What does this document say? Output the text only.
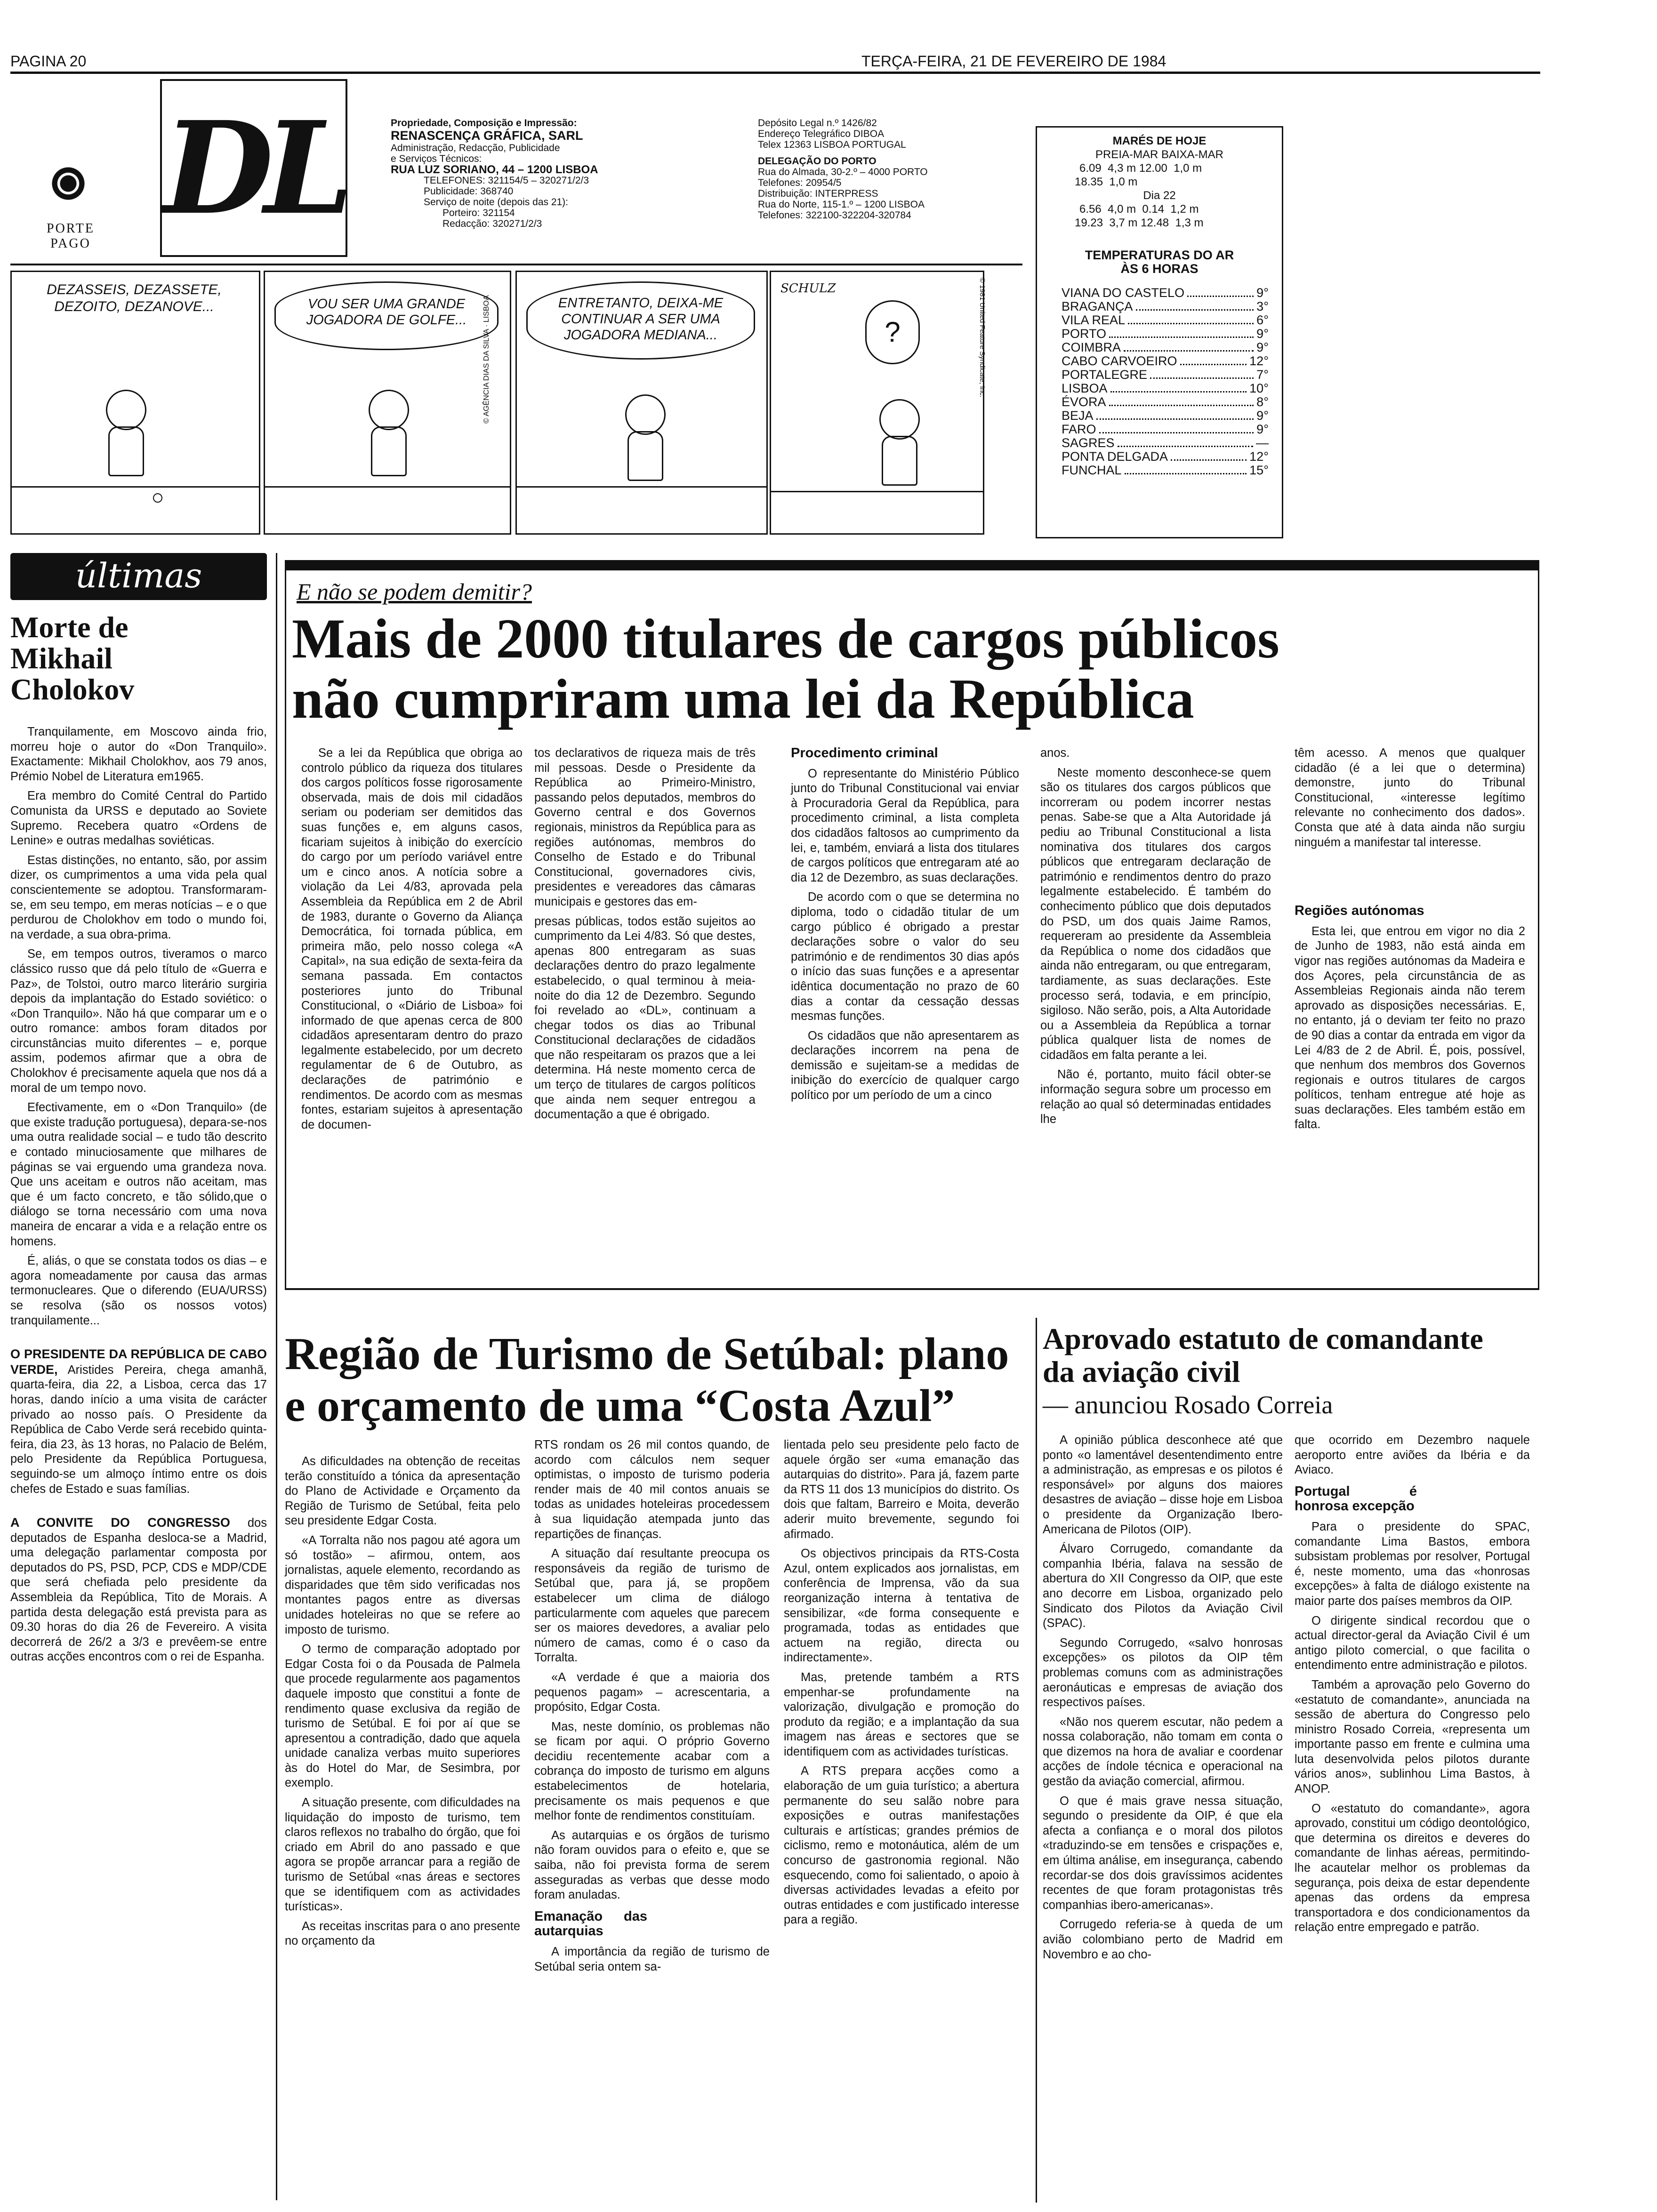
PAGINA 20	TERÇA-FEIRA, 21 DE FEVEREIRO DE 1984
DL
PORTE PAGO
Propriedade, Composição e Impressão:
RENASCENÇA GRÁFICA, SARL
Administração, Redacção, Publicidade
e Serviços Técnicos:
RUA LUZ SORIANO, 44 – 1200 LISBOA
TELEFONES: 321154/5 – 320271/2/3
Publicidade: 368740
Serviço de noite (depois das 21):
Porteiro: 321154
Redacção: 320271/2/3
Depósito Legal n.º 1426/82
Endereço Telegráfico DIBOA
Telex 12363 LISBOA PORTUGAL
DELEGAÇÃO DO PORTO
Rua do Almada, 30-2.º – 4000 PORTO
Telefones: 20954/5
Distribuição: INTERPRESS
Rua do Norte, 115-1.º – 1200 LISBOA
Telefones: 322100-322204-320784
DEZASSEIS, DEZASSETE, DEZOITO, DEZANOVE...	VOU SER UMA GRANDE JOGADORA DE GOLFE...	© AGÊNCIA DIAS DA SILVA · LISBOA	ENTRETANTO, DEIXA-ME CONTINUAR A SER UMA JOGADORA MEDIANA...
SCHULZ
?	© 1981 United Feature Syndicate, Inc.
MARÉS DE HOJE
PREIA-MAR BAIXA-MAR
6.09  4,3 m 12.00  1,0 m
18.35  1,0 m
Dia 22
6.56  4,0 m  0.14  1,2 m
19.23  3,7 m 12.48  1,3 m
TEMPERATURAS DO AR
ÀS 6 HORAS
VIANA DO CASTELO	9°
BRAGANÇA	3°
VILA REAL	6°
PORTO	9°
COIMBRA	9°
CABO CARVOEIRO	12°
PORTALEGRE	7°
LISBOA	10°
ÉVORA	8°
BEJA	9°
FARO	9°
SAGRES	—
PONTA DELGADA	12°
FUNCHAL	15°
últimas
Morte de Mikhail Cholokov

Tranquilamente, em Moscovo ainda frio, morreu hoje o autor do «Don Tranquilo». Exactamente: Mikhail Cholokhov, aos 79 anos, Prémio Nobel de Literatura em1965.

Era membro do Comité Central do Partido Comunista da URSS e deputado ao Soviete Supremo. Recebera quatro «Ordens de Lenine» e outras medalhas soviéticas.

Estas distinções, no entanto, são, por assim dizer, os cumprimentos a uma vida pela qual conscientemente se adoptou. Transformaram-se, em seu tempo, em meras notícias – e o que perdurou de Cholokhov em todo o mundo foi, na verdade, a sua obra-prima.

Se, em tempos outros, tiveramos o marco clássico russo que dá pelo título de «Guerra e Paz», de Tolstoi, outro marco literário surgiria depois da implantação do Estado soviético: o «Don Tranquilo». Não há que comparar um e o outro romance: ambos foram ditados por circunstâncias muito diferentes – e, porque assim, podemos afirmar que a obra de Cholokhov é precisamente aquela que nos dá a moral de um tempo novo.

Efectivamente, em o «Don Tranquilo» (de que existe tradução portuguesa), depara-se-nos uma outra realidade social – e tudo tão descrito e contado minuciosamente que milhares de páginas se vai erguendo uma grandeza nova. Que uns aceitam e outros não aceitam, mas que é um facto concreto, e tão sólido,que o diálogo se torna necessário com uma nova maneira de encarar a vida e a relação entre os homens.

É, aliás, o que se constata todos os dias – e agora nomeadamente por causa das armas termonucleares. Que o diferendo (EUA/URSS) se resolva (são os nossos votos) tranquilamente...

O PRESIDENTE DA REPÚBLICA DE CABO VERDE, Aristides Pereira, chega amanhã, quarta-feira, dia 22, a Lisboa, cerca das 17 horas, dando início a uma visita de carácter privado ao nosso país. O Presidente da República de Cabo Verde será recebido quinta-feira, dia 23, às 13 horas, no Palacio de Belém, pelo Presidente da República Portuguesa, seguindo-se um almoço íntimo entre os dois chefes de Estado e suas famílias.

A CONVITE DO CONGRESSO dos deputados de Espanha desloca-se a Madrid, uma delegação parlamentar composta por deputados do PS, PSD, PCP, CDS e MDP/CDE que será chefiada pelo presidente da Assembleia da República, Tito de Morais. A partida desta delegação está prevista para as 09.30 horas do dia 26 de Fevereiro. A visita decorrerá de 26/2 a 3/3 e prevêem-se entre outras acções encontros com o rei de Espanha.

E não se podem demitir?
Mais de 2000 titulares de cargos públicos
não cumpriram uma lei da República

Se a lei da República que obriga ao controlo público da riqueza dos titulares dos cargos políticos fosse rigorosamente observada, mais de dois mil cidadãos seriam ou poderiam ser demitidos das suas funções e, em alguns casos, ficariam sujeitos à inibição do exercício do cargo por um período variável entre um e cinco anos. A notícia sobre a violação da Lei 4/83, aprovada pela Assembleia da República em 2 de Abril de 1983, durante o Governo da Aliança Democrática, foi tornada pública, em primeira mão, pelo nosso colega «A Capital», na sua edição de sexta-feira da semana passada. Em contactos posteriores junto do Tribunal Constitucional, o «Diário de Lisboa» foi informado de que apenas cerca de 800 cidadãos apresentaram dentro do prazo legalmente estabelecido, por um decreto regulamentar de 6 de Outubro, as declarações de património e rendimentos. De acordo com as mesmas fontes, estariam sujeitos à apresentação de documen-

tos declarativos de riqueza mais de três mil pessoas. Desde o Presidente da República ao Primeiro-Ministro, passando pelos deputados, membros do Governo central e dos Governos regionais, ministros da República para as regiões autónomas, membros do Conselho de Estado e do Tribunal Constitucional, governadores civis, presidentes e vereadores das câmaras municipais e gestores das em-

presas públicas, todos estão sujeitos ao cumprimento da Lei 4/83. Só que destes, apenas 800 entregaram as suas declarações dentro do prazo legalmente estabelecido, o qual terminou à meia-noite do dia 12 de Dezembro. Segundo foi revelado ao «DL», continuam a chegar todos os dias ao Tribunal Constitucional declarações de cidadãos que não respeitaram os prazos que a lei determina. Há neste momento cerca de um terço de titulares de cargos políticos que ainda nem sequer entregou a documentação a que é obrigado.

Procedimento criminal

O representante do Ministério Público junto do Tribunal Constitucional vai enviar à Procuradoria Geral da República, para procedimento criminal, a lista completa dos cidadãos faltosos ao cumprimento da lei, e, também, enviará a lista dos titulares de cargos políticos que entregaram até ao dia 12 de Dezembro, as suas declarações.

De acordo com o que se determina no diploma, todo o cidadão titular de um cargo público é obrigado a prestar declarações sobre o valor do seu património e de rendimentos 30 dias após o início das suas funções e a apresentar idêntica documentação no prazo de 60 dias a contar da cessação dessas mesmas funções.

Os cidadãos que não apresentarem as declarações incorrem na pena de demissão e sujeitam-se a medidas de inibição do exercício de qualquer cargo político por um período de um a cinco

anos.

Neste momento desconhece-se quem são os titulares dos cargos públicos que incorreram ou podem incorrer nestas penas. Sabe-se que a Alta Autoridade já pediu ao Tribunal Constitucional a lista nominativa dos titulares dos cargos públicos que entregaram declaração de património e rendimentos dentro do prazo legalmente estabelecido. É também do conhecimento público que dois deputados do PSD, um dos quais Jaime Ramos, requereram ao presidente da Assembleia da República o nome dos cidadãos que ainda não entregaram, ou que entregaram, tardiamente, as suas declarações. Este processo será, todavia, e em princípio, sigiloso. Não serão, pois, a Alta Autoridade ou a Assembleia da República a tornar pública qualquer lista de nomes de cidadãos em falta perante a lei.

Não é, portanto, muito fácil obter-se informação segura sobre um processo em relação ao qual só determinadas entidades lhe

têm acesso. A menos que qualquer cidadão (é a lei que o determina) demonstre, junto do Tribunal Constitucional, «interesse legítimo relevante no conhecimento dos dados». Consta que até à data ainda não surgiu ninguém a manifestar tal interesse.

Regiões autónomas

Esta lei, que entrou em vigor no dia 2 de Junho de 1983, não está ainda em vigor nas regiões autónomas da Madeira e dos Açores, pela circunstância de as Assembleias Regionais ainda não terem aprovado as disposições necessárias. E, no entanto, já o deviam ter feito no prazo de 90 dias a contar da entrada em vigor da Lei 4/83 de 2 de Abril. É, pois, possível, que nenhum dos membros dos Governos regionais e outros titulares de cargos políticos, tenham entregue até hoje as suas declarações. Eles também estão em falta.

Região de Turismo de Setúbal: plano
e orçamento de uma “Costa Azul”

As dificuldades na obtenção de receitas terão constituído a tónica da apresentação do Plano de Actividade e Orçamento da Região de Turismo de Setúbal, feita pelo seu presidente Edgar Costa.

«A Torralta não nos pagou até agora um só tostão» – afirmou, ontem, aos jornalistas, aquele elemento, recordando as disparidades que têm sido verificadas nos montantes pagos entre as diversas unidades hoteleiras no que se refere ao imposto de turismo.

O termo de comparação adoptado por Edgar Costa foi o da Pousada de Palmela que procede regularmente aos pagamentos daquele imposto que constitui a fonte de rendimento quase exclusiva da região de turismo de Setúbal. E foi por aí que se apresentou a contradição, dado que aquela unidade canaliza verbas muito superiores às do Hotel do Mar, de Sesimbra, por exemplo.

A situação presente, com dificuldades na liquidação do imposto de turismo, tem claros reflexos no trabalho do órgão, que foi criado em Abril do ano passado e que agora se propõe arrancar para a região de turismo de Setúbal «nas áreas e sectores que se identifiquem com as actividades turísticas».

As receitas inscritas para o ano presente no orçamento da

RTS rondam os 26 mil contos quando, de acordo com cálculos nem sequer optimistas, o imposto de turismo poderia render mais de 40 mil contos anuais se todas as unidades hoteleiras procedessem à sua liquidação atempada junto das repartições de finanças.

A situação daí resultante preocupa os responsáveis da região de turismo de Setúbal que, para já, se propõem estabelecer um clima de diálogo particularmente com aqueles que parecem ser os maiores devedores, a avaliar pelo número de camas, como é o caso da Torralta.

«A verdade é que a maioria dos pequenos pagam» – acrescentaria, a propósito, Edgar Costa.

Mas, neste domínio, os problemas não se ficam por aqui. O próprio Governo decidiu recentemente acabar com a cobrança do imposto de turismo em alguns estabelecimentos de hotelaria, precisamente os mais pequenos e que melhor fonte de rendimentos constituíam.

As autarquias e os órgãos de turismo não foram ouvidos para o efeito e, que se saiba, não foi prevista forma de serem asseguradas as verbas que desse modo foram anuladas.

Emanação das autarquias

A importância da região de turismo de Setúbal seria ontem sa-

lientada pelo seu presidente pelo facto de aquele órgão ser «uma emanação das autarquias do distrito». Para já, fazem parte da RTS 11 dos 13 municípios do distrito. Os dois que faltam, Barreiro e Moita, deverão aderir muito brevemente, segundo foi afirmado.

Os objectivos principais da RTS-Costa Azul, ontem explicados aos jornalistas, em conferência de Imprensa, vão da sua reorganização interna à tentativa de sensibilizar, «de forma consequente e programada, todas as entidades que actuem na região, directa ou indirectamente».

Mas, pretende também a RTS empenhar-se profundamente na valorização, divulgação e promoção do produto da região; e a implantação da sua imagem nas áreas e sectores que se identifiquem com as actividades turísticas.

A RTS prepara acções como a elaboração de um guia turístico; a abertura permanente do seu salão nobre para exposições e outras manifestações culturais e artísticas; grandes prémios de ciclismo, remo e motonáutica, além de um concurso de gastronomia regional. Não esquecendo, como foi salientado, o apoio à diversas actividades levadas a efeito por outras entidades e com justificado interesse para a região.

Aprovado estatuto de comandante
da aviação civil
— anunciou Rosado Correia

A opinião pública desconhece até que ponto «o lamentável desentendimento entre a administração, as empresas e os pilotos é responsável» por alguns dos maiores desastres de aviação – disse hoje em Lisboa o presidente da Organização Ibero-Americana de Pilotos (OIP).

Álvaro Corrugedo, comandante da companhia Ibéria, falava na sessão de abertura do XII Congresso da OIP, que este ano decorre em Lisboa, organizado pelo Sindicato dos Pilotos da Aviação Civil (SPAC).

Segundo Corrugedo, «salvo honrosas excepções» os pilotos da OIP têm problemas comuns com as administrações aeronáuticas e empresas de aviação dos respectivos países.

«Não nos querem escutar, não pedem a nossa colaboração, não tomam em conta o que dizemos na hora de avaliar e coordenar acções de índole técnica e operacional na gestão da aviação comercial, afirmou.

O que é mais grave nessa situação, segundo o presidente da OIP, é que ela afecta a confiança e o moral dos pilotos «traduzindo-se em tensões e crispações e, em última análise, em insegurança, cabendo recordar-se dos dois gravíssimos acidentes recentes de que foram protagonistas três companhias ibero-americanas».

Corrugedo referia-se à queda de um avião colombiano perto de Madrid em Novembro e ao cho-

que ocorrido em Dezembro naquele aeroporto entre aviões da Ibéria e da Aviaco.

Portugal é honrosa excepção

Para o presidente do SPAC, comandante Lima Bastos, embora subsistam problemas por resolver, Portugal é, neste momento, uma das «honrosas excepções» à falta de diálogo existente na maior parte dos países membros da OIP.

O dirigente sindical recordou que o actual director-geral da Aviação Civil é um antigo piloto comercial, o que facilita o entendimento entre administração e pilotos.

Também a aprovação pelo Governo do «estatuto de comandante», anunciada na sessão de abertura do Congresso pelo ministro Rosado Correia, «representa um importante passo em frente e culmina uma luta desenvolvida pelos pilotos durante vários anos», sublinhou Lima Bastos, à ANOP.

O «estatuto do comandante», agora aprovado, constitui um código deontológico, que determina os direitos e deveres do comandante de linhas aéreas, permitindo-lhe acautelar melhor os problemas da segurança, pois deixa de estar dependente apenas das ordens da empresa transportadora e dos condicionamentos da relação entre empregado e patrão.
